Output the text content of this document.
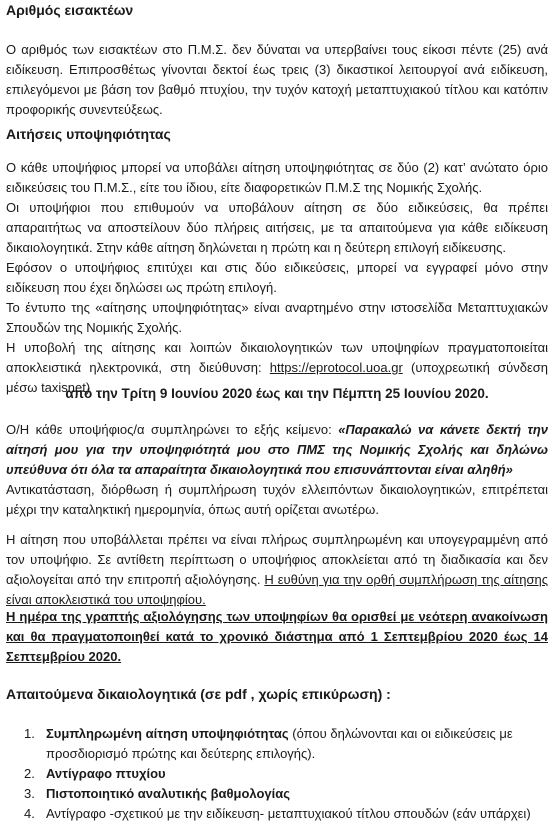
Αριθμός εισακτέων

Ο αριθμός των εισακτέων στο Π.Μ.Σ. δεν δύναται να υπερβαίνει τους είκοσι πέντε (25) ανά ειδίκευση. Επιπροσθέτως γίνονται δεκτοί έως τρεις (3) δικαστικοί λειτουργοί ανά ειδίκευση, επιλεγόμενοι με βάση τον βαθμό πτυχίου, την τυχόν κατοχή μεταπτυχιακού τίτλου και κατόπιν προφορικής συνεντεύξεως.

Αιτήσεις υποψηφιότητας

Ο κάθε υποψήφιος μπορεί να υποβάλει αίτηση υποψηφιότητας σε δύο (2) κατ’ ανώτατο όριο ειδικεύσεις του Π.Μ.Σ., είτε του ίδιου, είτε διαφορετικών Π.Μ.Σ της Νομικής Σχολής.

Οι υποψήφιοι που επιθυμούν να υποβάλουν αίτηση σε δύο ειδικεύσεις, θα πρέπει απαραιτήτως να αποστείλουν δύο πλήρεις αιτήσεις, με τα απαιτούμενα για κάθε ειδίκευση δικαιολογητικά. Στην κάθε αίτηση δηλώνεται η πρώτη και η δεύτερη επιλογή ειδίκευσης.

Εφόσον ο υποψήφιος επιτύχει και στις δύο ειδικεύσεις, μπορεί να εγγραφεί μόνο στην ειδίκευση που έχει δηλώσει ως πρώτη επιλογή.

Το έντυπο της «αίτησης υποψηφιότητας» είναι αναρτημένο στην ιστοσελίδα Μεταπτυχιακών Σπουδών της Νομικής Σχολής.

Η υποβολή της αίτησης και λοιπών δικαιολογητικών των υποψηφίων πραγματοποιείται αποκλειστικά ηλεκτρονικά, στη διεύθυνση: https://eprotocol.uoa.gr (υποχρεωτική σύνδεση μέσω taxisnet)

από την Τρίτη 9 Ιουνίου 2020 έως και την Πέμπτη 25 Ιουνίου 2020.

Ο/Η κάθε υποψήφιος/α συμπληρώνει το εξής κείμενο: «Παρακαλώ να κάνετε δεκτή την αίτησή μου για την υποψηφιότητά μου στο ΠΜΣ της Νομικής Σχολής και δηλώνω υπεύθυνα ότι όλα τα απαραίτητα δικαιολογητικά που επισυνάπτονται είναι αληθή»

Αντικατάσταση, διόρθωση ή συμπλήρωση τυχόν ελλειπόντων δικαιολογητικών, επιτρέπεται μέχρι την καταληκτική ημερομηνία, όπως αυτή ορίζεται ανωτέρω.

Η αίτηση που υποβάλλεται πρέπει να είναι πλήρως συμπληρωμένη και υπογεγραμμένη από τον υποψήφιο. Σε αντίθετη περίπτωση ο υποψήφιος αποκλείεται από τη διαδικασία και δεν αξιολογείται από την επιτροπή αξιολόγησης. Η ευθύνη για την ορθή συμπλήρωση της αίτησης είναι αποκλειστικά του υποψηφίου.

Η ημέρα της γραπτής αξιολόγησης των υποψηφίων θα ορισθεί με νεότερη ανακοίνωση και θα πραγματοποιηθεί κατά το χρονικό διάστημα από 1 Σεπτεμβρίου 2020 έως 14 Σεπτεμβρίου 2020.

Απαιτούμενα δικαιολογητικά (σε pdf , χωρίς επικύρωση) :
1. Συμπληρωμένη αίτηση υποψηφιότητας (όπου δηλώνονται και οι ειδικεύσεις με προσδιορισμό πρώτης και δεύτερης επιλογής).
2. Αντίγραφο πτυχίου
3. Πιστοποιητικό αναλυτικής βαθμολογίας
4. Αντίγραφο -σχετικού με την ειδίκευση- μεταπτυχιακού τίτλου σπουδών (εάν υπάρχει)
